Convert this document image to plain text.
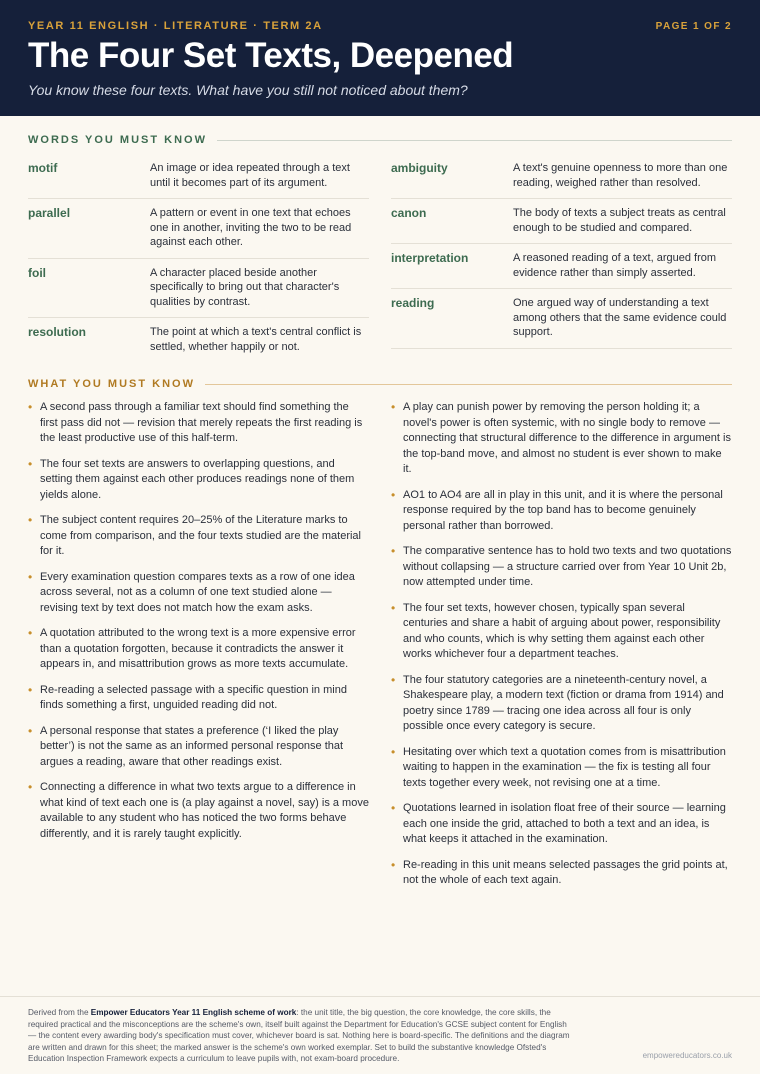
YEAR 11 ENGLISH · LITERATURE · TERM 2A	PAGE 1 OF 2
The Four Set Texts, Deepened
You know these four texts. What have you still not noticed about them?
WORDS YOU MUST KNOW
motif	An image or idea repeated through a text until it becomes part of its argument.
parallel	A pattern or event in one text that echoes one in another, inviting the two to be read against each other.
foil	A character placed beside another specifically to bring out that character's qualities by contrast.
resolution	The point at which a text's central conflict is settled, whether happily or not.
ambiguity	A text's genuine openness to more than one reading, weighed rather than resolved.
canon	The body of texts a subject treats as central enough to be studied and compared.
interpretation	A reasoned reading of a text, argued from evidence rather than simply asserted.
reading	One argued way of understanding a text among others that the same evidence could support.
WHAT YOU MUST KNOW
• A second pass through a familiar text should find something the first pass did not — revision that merely repeats the first reading is the least productive use of this half-term.
• The four set texts are answers to overlapping questions, and setting them against each other produces readings none of them yields alone.
• The subject content requires 20–25% of the Literature marks to come from comparison, and the four texts studied are the material for it.
• Every examination question compares texts as a row of one idea across several, not as a column of one text studied alone — revising text by text does not match how the exam asks.
• A quotation attributed to the wrong text is a more expensive error than a quotation forgotten, because it contradicts the answer it appears in, and misattribution grows as more texts accumulate.
• Re-reading a selected passage with a specific question in mind finds something a first, unguided reading did not.
• A personal response that states a preference (‘I liked the play better’) is not the same as an informed personal response that argues a reading, aware that other readings exist.
• Connecting a difference in what two texts argue to a difference in what kind of text each one is (a play against a novel, say) is a move available to any student who has noticed the two forms behave differently, and it is rarely taught explicitly.
• A play can punish power by removing the person holding it; a novel's power is often systemic, with no single body to remove — connecting that structural difference to the difference in argument is the top-band move, and almost no student is ever shown to make it.
• AO1 to AO4 are all in play in this unit, and it is where the personal response required by the top band has to become genuinely personal rather than borrowed.
• The comparative sentence has to hold two texts and two quotations without collapsing — a structure carried over from Year 10 Unit 2b, now attempted under time.
• The four set texts, however chosen, typically span several centuries and share a habit of arguing about power, responsibility and who counts, which is why setting them against each other works whichever four a department teaches.
• The four statutory categories are a nineteenth-century novel, a Shakespeare play, a modern text (fiction or drama from 1914) and poetry since 1789 — tracing one idea across all four is only possible once every category is secure.
• Hesitating over which text a quotation comes from is misattribution waiting to happen in the examination — the fix is testing all four texts together every week, not revising one at a time.
• Quotations learned in isolation float free of their source — learning each one inside the grid, attached to both a text and an idea, is what keeps it attached in the examination.
• Re-reading in this unit means selected passages the grid points at, not the whole of each text again.
Derived from the Empower Educators Year 11 English scheme of work: the unit title, the big question, the core knowledge, the core skills, the required practical and the misconceptions are the scheme's own, itself built against the Department for Education's GCSE subject content for English — the content every awarding body's specification must cover, whichever board is sat. Nothing here is board-specific. The definitions and the diagram are written and drawn for this sheet; the marked answer is the scheme's own worked exemplar. Set to build the substantive knowledge Ofsted's Education Inspection Framework expects a curriculum to leave pupils with, not exam-board procedure.	empowereducators.co.uk
